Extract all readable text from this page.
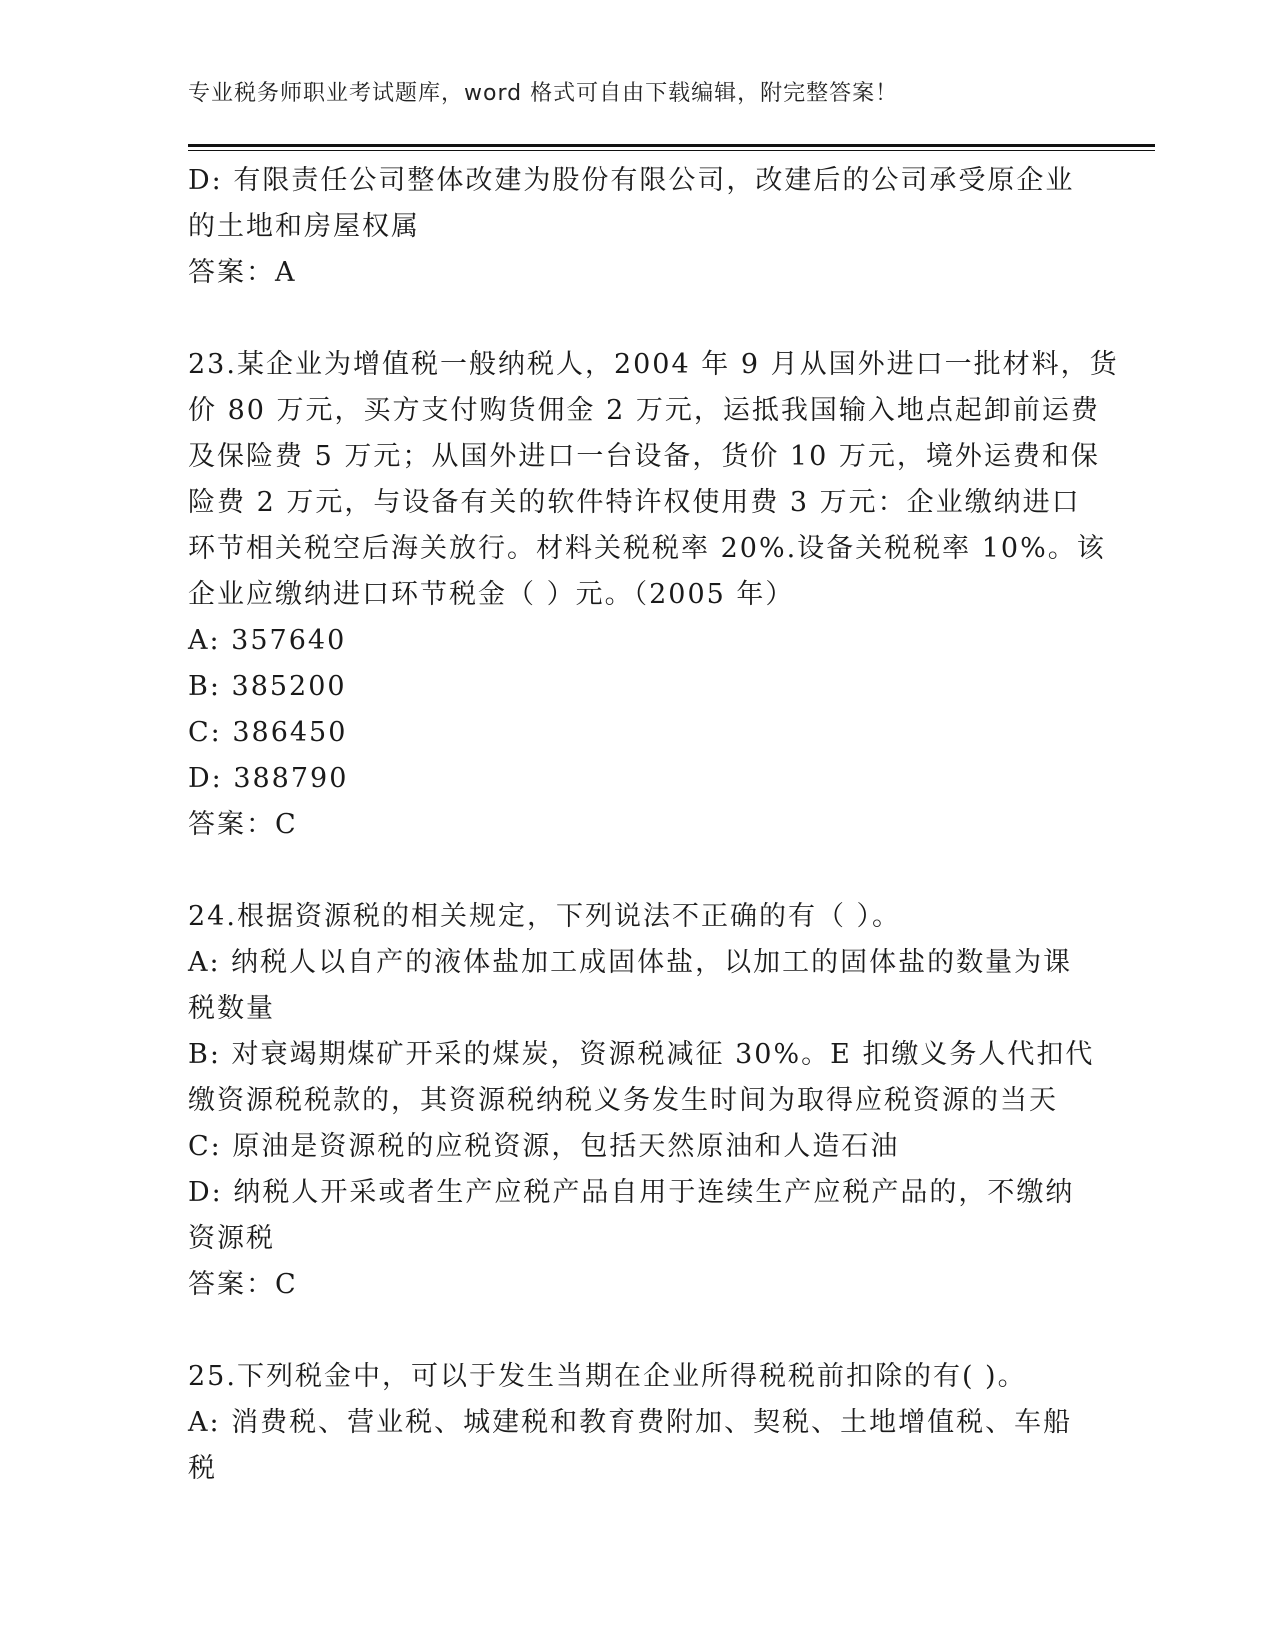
专业税务师职业考试题库，word 格式可自由下载编辑，附完整答案！
D: 有限责任公司整体改建为股份有限公司，改建后的公司承受原企业
的土地和房屋权属
答案：A
23.某企业为增值税一般纳税人，2004 年 9 月从国外进口一批材料，货
价 80 万元，买方支付购货佣金 2 万元，运抵我国输入地点起卸前运费
及保险费 5 万元；从国外进口一台设备，货价 10 万元，境外运费和保
险费 2 万元，与设备有关的软件特许权使用费 3 万元：企业缴纳进口
环节相关税空后海关放行。材料关税税率 20%.设备关税税率 10%。该
企业应缴纳进口环节税金（ ）元。（2005 年）
A: 357640
B: 385200
C: 386450
D: 388790
答案：C
24.根据资源税的相关规定，下列说法不正确的有（ ）。
A: 纳税人以自产的液体盐加工成固体盐，以加工的固体盐的数量为课
税数量
B: 对衰竭期煤矿开采的煤炭，资源税减征 30%。E 扣缴义务人代扣代
缴资源税税款的，其资源税纳税义务发生时间为取得应税资源的当天
C: 原油是资源税的应税资源，包括天然原油和人造石油
D: 纳税人开采或者生产应税产品自用于连续生产应税产品的，不缴纳
资源税
答案：C
25.下列税金中，可以于发生当期在企业所得税税前扣除的有( )。
A: 消费税、营业税、城建税和教育费附加、契税、土地增值税、车船
税
